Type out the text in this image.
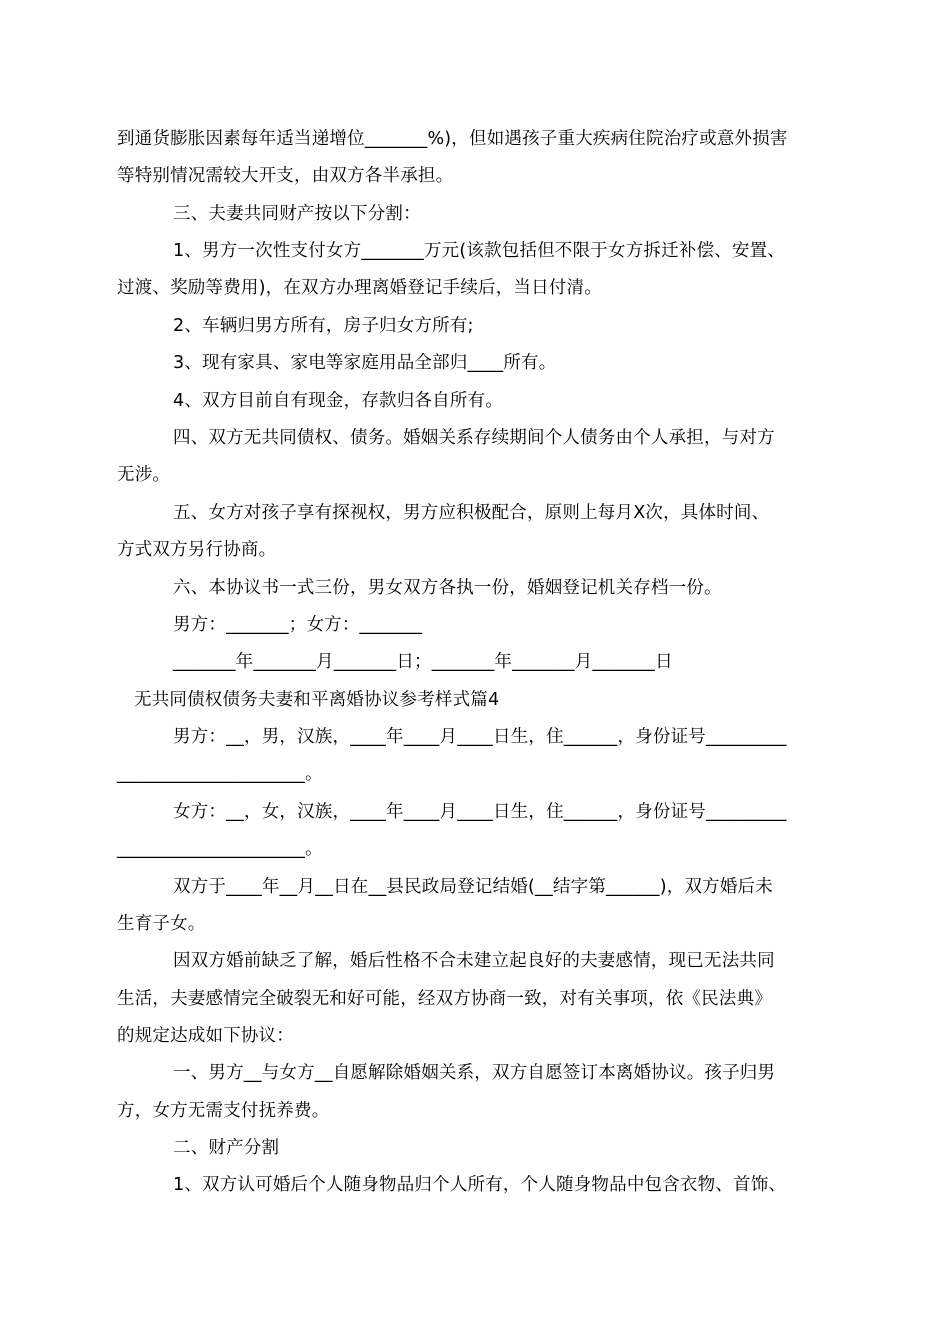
到通货膨胀因素每年适当递增位_______%)，但如遇孩子重大疾病住院治疗或意外损害

等特别情况需较大开支，由双方各半承担。

三、夫妻共同财产按以下分割：

1、男方一次性支付女方_______万元(该款包括但不限于女方拆迁补偿、安置、

过渡、奖励等费用)，在双方办理离婚登记手续后，当日付清。

2、车辆归男方所有，房子归女方所有;

3、现有家具、家电等家庭用品全部归____所有。

4、双方目前自有现金，存款归各自所有。

四、双方无共同债权、债务。婚姻关系存续期间个人债务由个人承担，与对方

无涉。

五、女方对孩子享有探视权，男方应积极配合，原则上每月X次，具体时间、

方式双方另行协商。

六、本协议书一式三份，男女双方各执一份，婚姻登记机关存档一份。

男方：_______；女方：_______

_______年_______月_______日；_______年_______月_______日

无共同债权债务夫妻和平离婚协议参考样式篇4

男方：__，男，汉族，____年____月____日生，住______，身份证号_________

_____________________。

女方：__，女，汉族，____年____月____日生，住______，身份证号_________

_____________________。

双方于____年__月__日在__县民政局登记结婚(__结字第______)，双方婚后未

生育子女。

因双方婚前缺乏了解，婚后性格不合未建立起良好的夫妻感情，现已无法共同

生活，夫妻感情完全破裂无和好可能，经双方协商一致，对有关事项，依《民法典》

的规定达成如下协议：

一、男方__与女方__自愿解除婚姻关系，双方自愿签订本离婚协议。孩子归男

方，女方无需支付抚养费。

二、财产分割

1、双方认可婚后个人随身物品归个人所有，个人随身物品中包含衣物、首饰、
